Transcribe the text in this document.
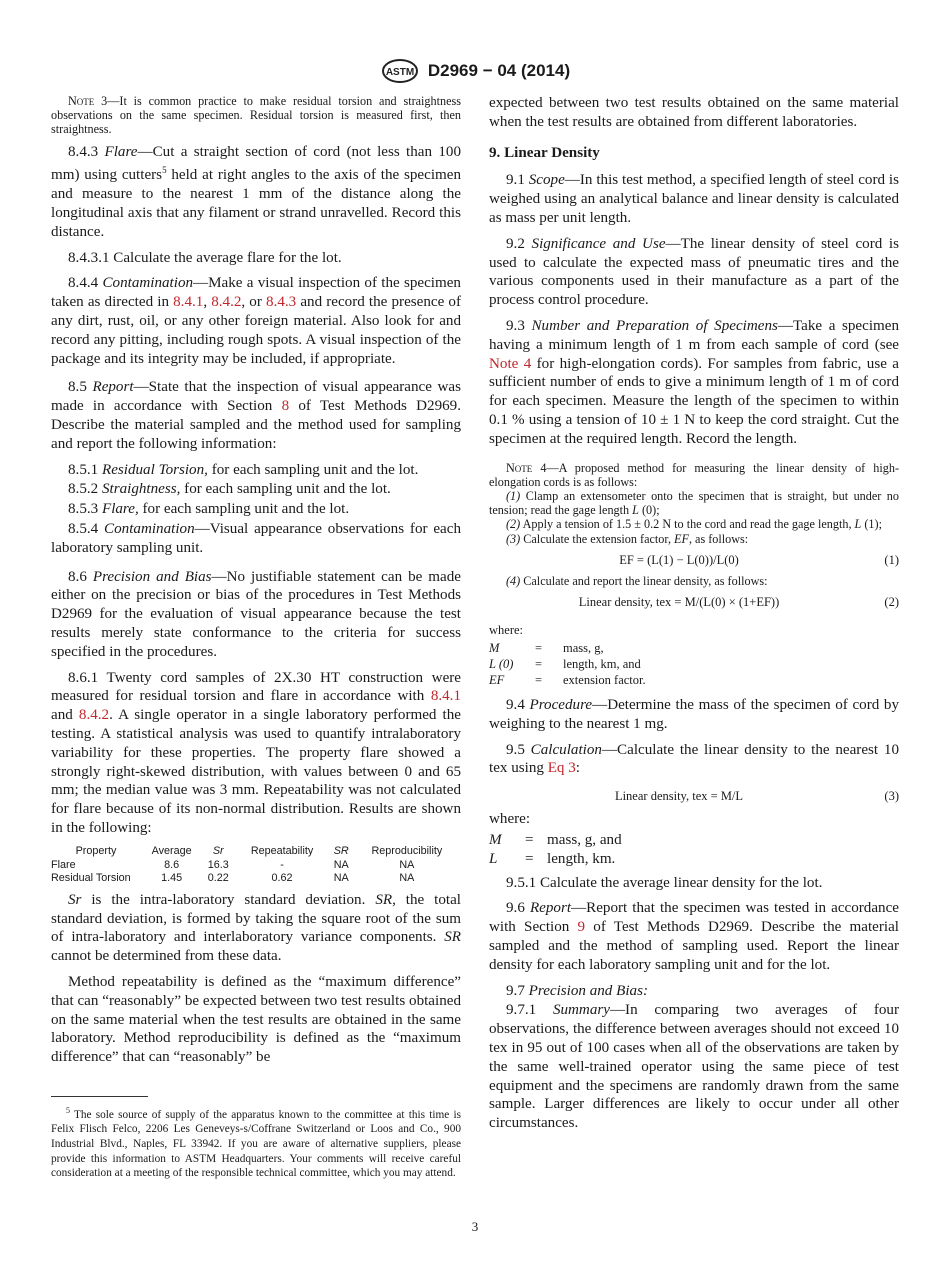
ASTM D2969 − 04 (2014)

Note 3—It is common practice to make residual torsion and straightness observations on the same specimen. Residual torsion is measured first, then straightness.

8.4.3 Flare—Cut a straight section of cord (not less than 100 mm) using cutters$^5$ held at right angles to the axis of the specimen and measure to the nearest 1 mm of the distance along the longitudinal axis that any filament or strand unravelled. Record this distance.

8.4.3.1 Calculate the average flare for the lot.

8.4.4 Contamination—Make a visual inspection of the specimen taken as directed in 8.4.1, 8.4.2, or 8.4.3 and record the presence of any dirt, rust, oil, or any other foreign material. Also look for and record any pitting, including rough spots. A visual inspection of the package and its integrity may be included, if appropriate.

8.5 Report—State that the inspection of visual appearance was made in accordance with Section 8 of Test Methods D2969. Describe the material sampled and the method used for sampling and report the following information:

8.5.1 Residual Torsion, for each sampling unit and the lot.

8.5.2 Straightness, for each sampling unit and the lot.

8.5.3 Flare, for each sampling unit and the lot.

8.5.4 Contamination—Visual appearance observations for each laboratory sampling unit.

8.6 Precision and Bias—No justifiable statement can be made either on the precision or bias of the procedures in Test Methods D2969 for the evaluation of visual appearance because the test results merely state conformance to the criteria for success specified in the procedures.

8.6.1 Twenty cord samples of 2X.30 HT construction were measured for residual torsion and flare in accordance with 8.4.1 and 8.4.2. A single operator in a single laboratory performed the testing. A statistical analysis was used to quantify intralaboratory variability for these properties. The property flare showed a strongly right-skewed distribution, with values between 0 and 65 mm; the median value was 3 mm. Repeatability was not calculated for flare because of its non-normal distribution. Results are shown in the following:

Property	Average	Sr	Repeatability	SR	Reproducibility
Flare	8.6	16.3	-	NA	NA
Residual Torsion	1.45	0.22	0.62	NA	NA

Sr is the intra-laboratory standard deviation. SR, the total standard deviation, is formed by taking the square root of the sum of intra-laboratory and interlaboratory variance components. SR cannot be determined from these data.

Method repeatability is defined as the “maximum difference” that can “reasonably” be expected between two test results obtained on the same material when the test results are obtained in the same laboratory. Method reproducibility is defined as the “maximum difference” that can “reasonably” be

$^5$ The sole source of supply of the apparatus known to the committee at this time is Felix Flisch Felco, 2206 Les Geneveys-s/Coffrane Switzerland or Loos and Co., 900 Industrial Blvd., Naples, FL 33942. If you are aware of alternative suppliers, please provide this information to ASTM Headquarters. Your comments will receive careful consideration at a meeting of the responsible technical committee, which you may attend.

expected between two test results obtained on the same material when the test results are obtained from different laboratories.

9. Linear Density

9.1 Scope—In this test method, a specified length of steel cord is weighed using an analytical balance and linear density is calculated as mass per unit length.

9.2 Significance and Use—The linear density of steel cord is used to calculate the expected mass of pneumatic tires and the various components used in their manufacture as a part of the process control procedure.

9.3 Number and Preparation of Specimens—Take a specimen having a minimum length of 1 m from each sample of cord (see Note 4 for high-elongation cords). For samples from fabric, use a sufficient number of ends to give a minimum length of 1 m of cord for each specimen. Measure the length of the specimen to within 0.1 % using a tension of 10 ± 1 N to keep the cord straight. Cut the specimen at the required length. Record the length.

Note 4—A proposed method for measuring the linear density of high-elongation cords is as follows:

(1) Clamp an extensometer onto the specimen that is straight, but under no tension; read the gage length L (0);

(2) Apply a tension of 1.5 ± 0.2 N to the cord and read the gage length, L (1);

(3) Calculate the extension factor, EF, as follows:

EF = (L(1) − L(0))/L(0)	(1)

(4) Calculate and report the linear density, as follows:

Linear density, tex = M/(L(0) × (1+EF))	(2)
where:
M	=	mass, g,
L (0)	=	length, km, and
EF	=	extension factor.

9.4 Procedure—Determine the mass of the specimen of cord by weighing to the nearest 1 mg.

9.5 Calculation—Calculate the linear density to the nearest 10 tex using Eq 3:

Linear density, tex = M/L	(3)
where:
M	=	mass, g, and
L	=	length, km.

9.5.1 Calculate the average linear density for the lot.

9.6 Report—Report that the specimen was tested in accordance with Section 9 of Test Methods D2969. Describe the material sampled and the method of sampling used. Report the linear density for each laboratory sampling unit and for the lot.

9.7 Precision and Bias:

9.7.1 Summary—In comparing two averages of four observations, the difference between averages should not exceed 10 tex in 95 out of 100 cases when all of the observations are taken by the same well-trained operator using the same piece of test equipment and the specimens are randomly drawn from the same sample. Larger differences are likely to occur under all other circumstances.

3
